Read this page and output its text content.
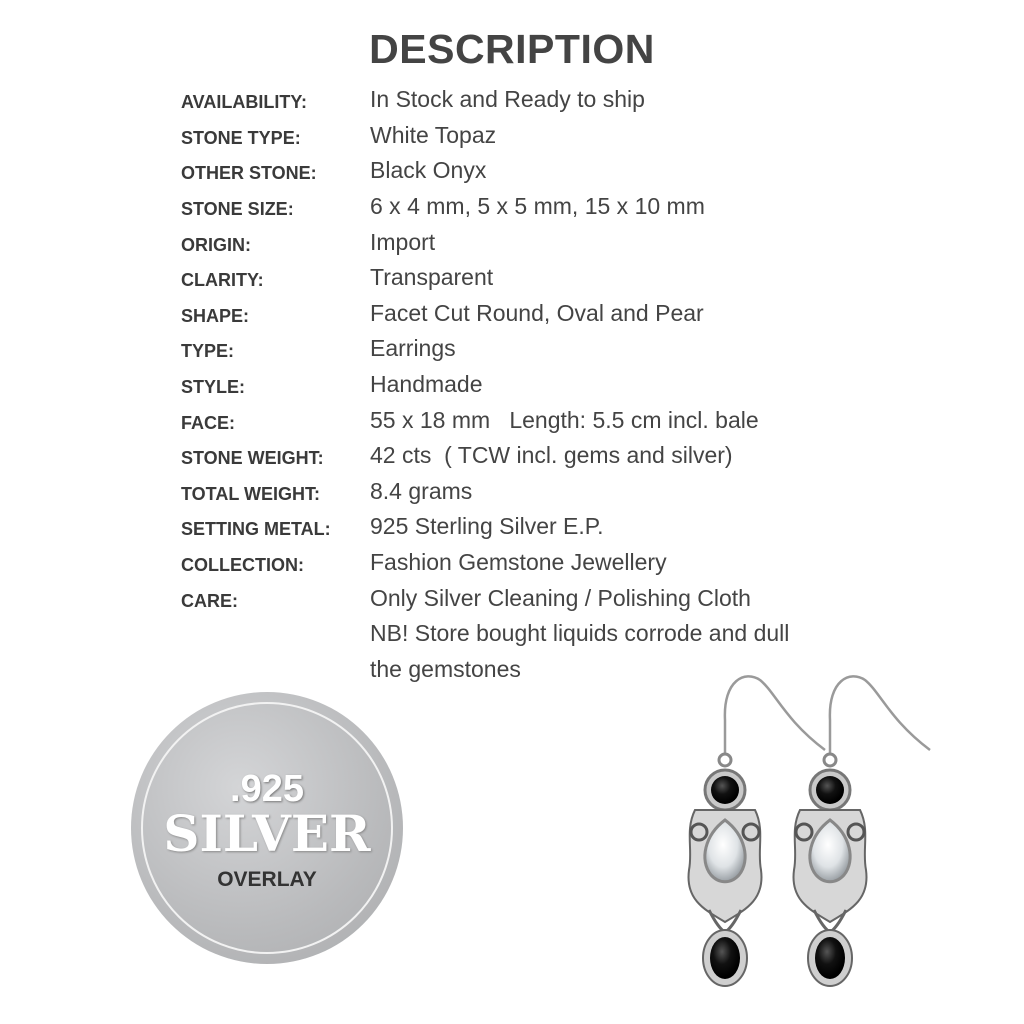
DESCRIPTION
AVAILABILITY:	In Stock and Ready to ship
STONE TYPE:	White Topaz
OTHER STONE:	Black Onyx
STONE SIZE:	6 x 4 mm, 5 x 5 mm, 15 x 10 mm
ORIGIN:	Import
CLARITY:	Transparent
SHAPE:	Facet Cut Round, Oval and Pear
TYPE:	Earrings
STYLE:	Handmade
FACE:	55 x 18 mm   Length: 5.5 cm incl. bale
STONE WEIGHT:	42 cts  ( TCW incl. gems and silver)
TOTAL WEIGHT:	8.4 grams
SETTING METAL:	925 Sterling Silver E.P.
COLLECTION:	Fashion Gemstone Jewellery
CARE:	Only Silver Cleaning / Polishing Cloth
NB! Store bought liquids corrode and dull
the gemstones
.925
SILVER
OVERLAY
